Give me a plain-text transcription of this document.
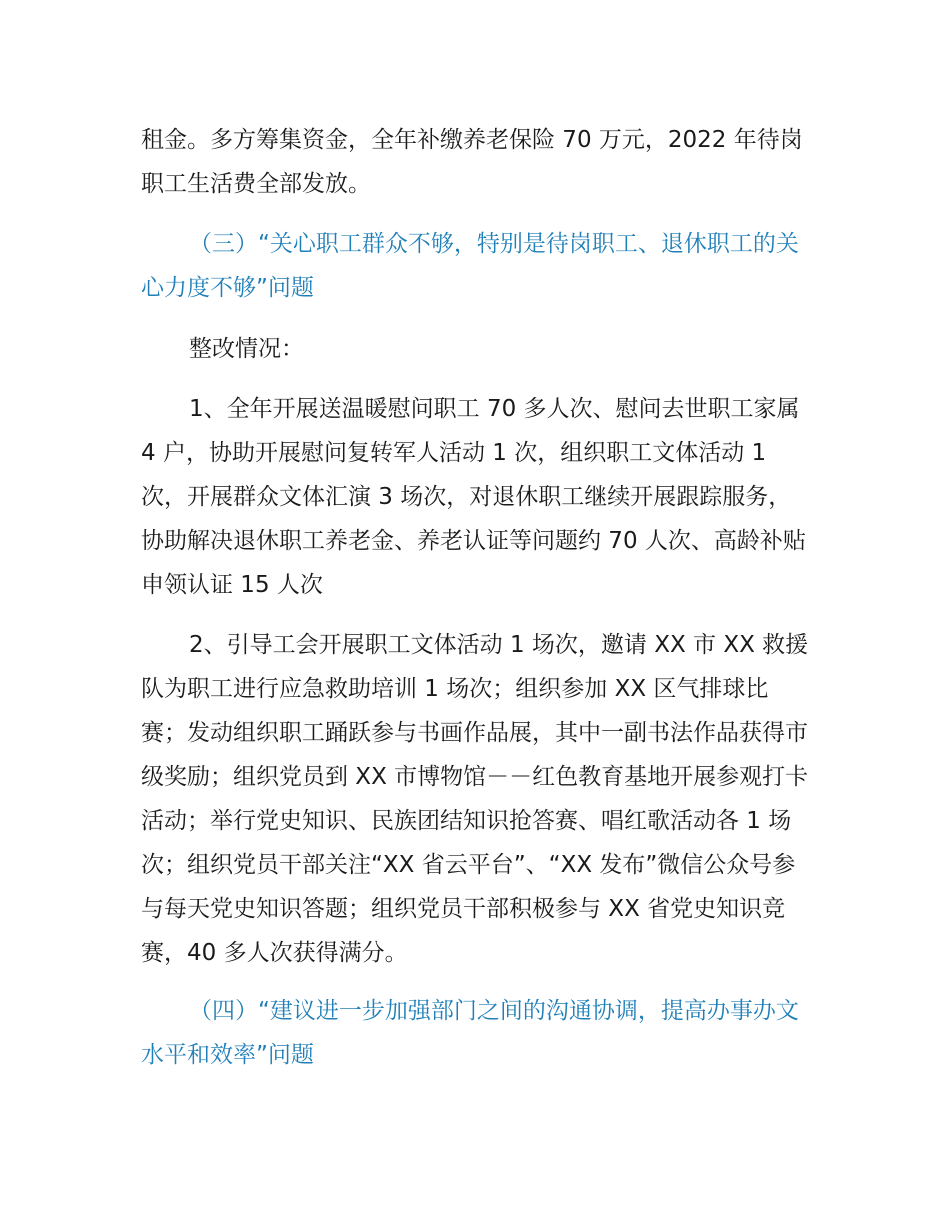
租金。多方筹集资金，全年补缴养老保险 70 万元，2022 年待岗职工生活费全部发放。

（三）“关心职工群众不够，特别是待岗职工、退休职工的关心力度不够”问题

整改情况：

1、全年开展送温暖慰问职工 70 多人次、慰问去世职工家属 4 户，协助开展慰问复转军人活动 1 次，组织职工文体活动 1 次，开展群众文体汇演 3 场次，对退休职工继续开展跟踪服务，协助解决退休职工养老金、养老认证等问题约 70 人次、高龄补贴申领认证 15 人次

2、引导工会开展职工文体活动 1 场次，邀请 XX 市 XX 救援队为职工进行应急救助培训 1 场次；组织参加 XX 区气排球比赛；发动组织职工踊跃参与书画作品展，其中一副书法作品获得市级奖励；组织党员到 XX 市博物馆－－红色教育基地开展参观打卡活动；举行党史知识、民族团结知识抢答赛、唱红歌活动各 1 场次；组织党员干部关注“XX 省云平台”、“XX 发布”微信公众号参与每天党史知识答题；组织党员干部积极参与 XX 省党史知识竞赛，40 多人次获得满分。

（四）“建议进一步加强部门之间的沟通协调，提高办事办文水平和效率”问题
